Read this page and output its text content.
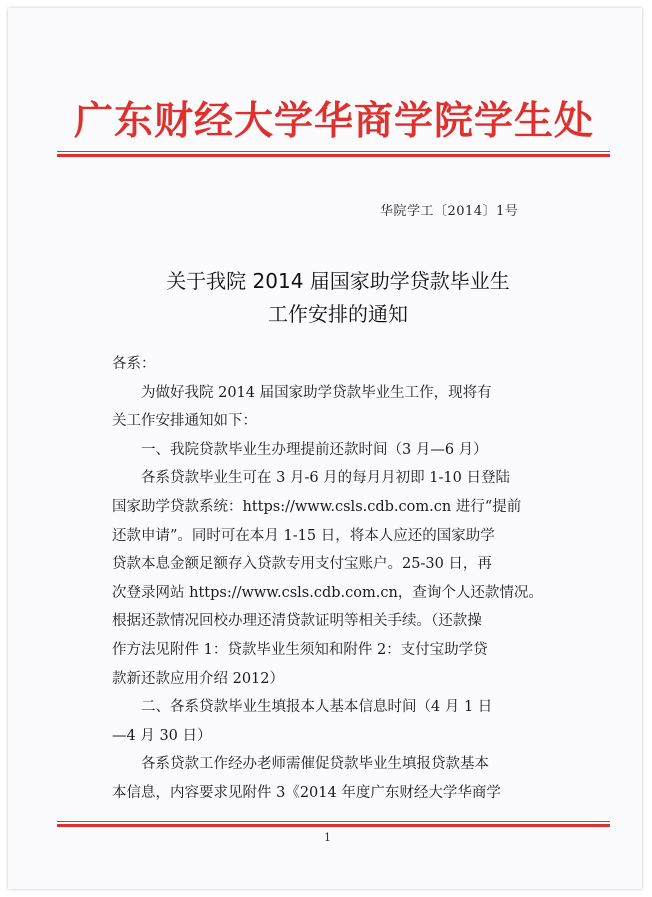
广东财经大学华商学院学生处
华院学工〔2014〕1号
关于我院 2014 届国家助学贷款毕业生
工作安排的通知

各系：

为做好我院 2014 届国家助学贷款毕业生工作，现将有

关工作安排通知如下：

一、我院贷款毕业生办理提前还款时间（3 月—6 月）

各系贷款毕业生可在 3 月-6 月的每月月初即 1-10 日登陆

国家助学贷款系统：https://www.csls.cdb.com.cn 进行“提前

还款申请”。同时可在本月 1-15 日，将本人应还的国家助学

贷款本息金额足额存入贷款专用支付宝账户。25-30 日，再

次登录网站 https://www.csls.cdb.com.cn，查询个人还款情况。

根据还款情况回校办理还清贷款证明等相关手续。（还款操

作方法见附件 1：贷款毕业生须知和附件 2：支付宝助学贷

款新还款应用介绍 2012）

二、各系贷款毕业生填报本人基本信息时间（4 月 1 日

—4 月 30 日）

各系贷款工作经办老师需催促贷款毕业生填报贷款基本

本信息，内容要求见附件 3《2014 年度广东财经大学华商学

1
